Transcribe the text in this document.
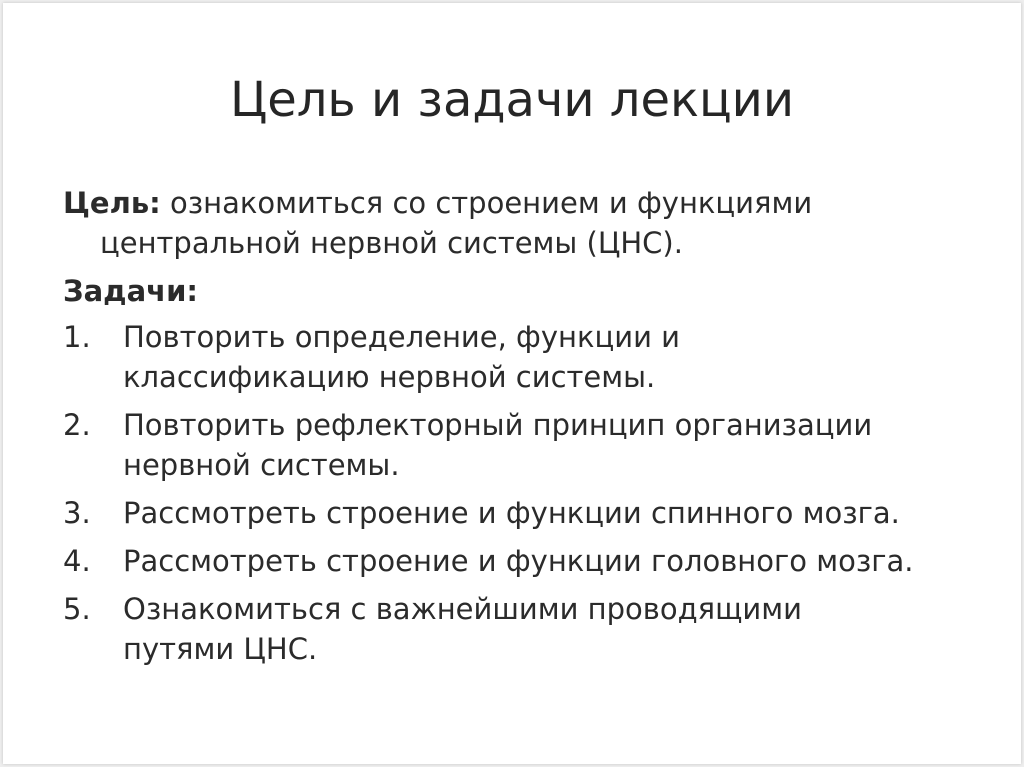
Цель и задачи лекции
Цель: ознакомиться со строением и функциями
центральной нервной системы (ЦНС).
Задачи:
1. Повторить определение, функции и
классификацию нервной системы.
2. Повторить рефлекторный принцип организации
нервной системы.
3. Рассмотреть строение и функции спинного мозга.
4. Рассмотреть строение и функции головного мозга.
5. Ознакомиться с важнейшими проводящими
путями ЦНС.
